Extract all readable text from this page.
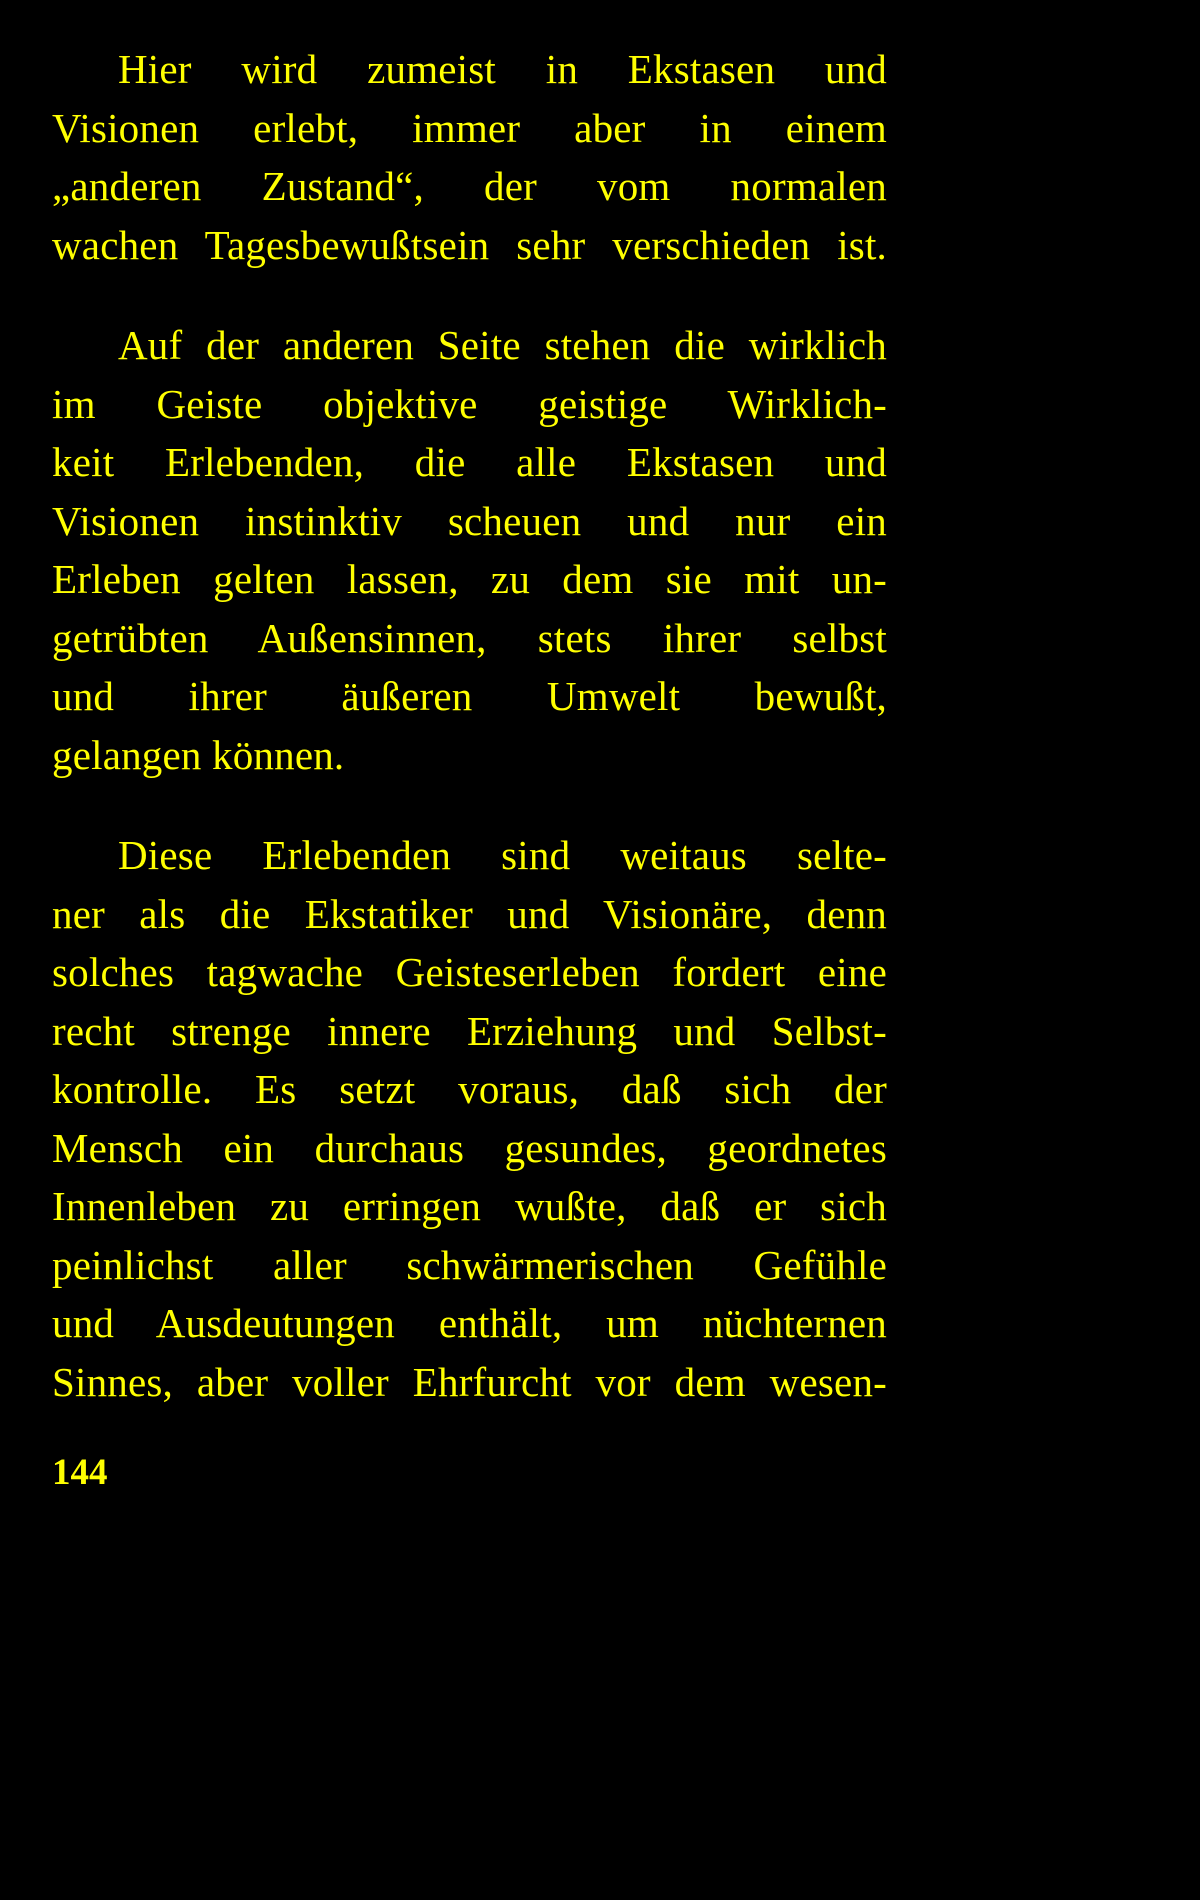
Hier wird zumeist in Ekstasen und
Visionen erlebt, immer aber in einem
„anderen Zustand“, der vom normalen
wachen Tagesbewußtsein sehr verschieden ist.
Auf der anderen Seite stehen die wirklich
im Geiste objektive geistige Wirklich-
keit Erlebenden, die alle Ekstasen und
Visionen instinktiv scheuen und nur ein
Erleben gelten lassen, zu dem sie mit un-
getrübten Außensinnen, stets ihrer selbst
und ihrer äußeren Umwelt bewußt,
gelangen können.
Diese Erlebenden sind weitaus selte-
ner als die Ekstatiker und Visionäre, denn
solches tagwache Geisteserleben fordert eine
recht strenge innere Erziehung und Selbst-
kontrolle. Es setzt voraus, daß sich der
Mensch ein durchaus gesundes, geordnetes
Innenleben zu erringen wußte, daß er sich
peinlichst aller schwärmerischen Gefühle
und Ausdeutungen enthält, um nüchternen
Sinnes, aber voller Ehrfurcht vor dem wesen-
144
